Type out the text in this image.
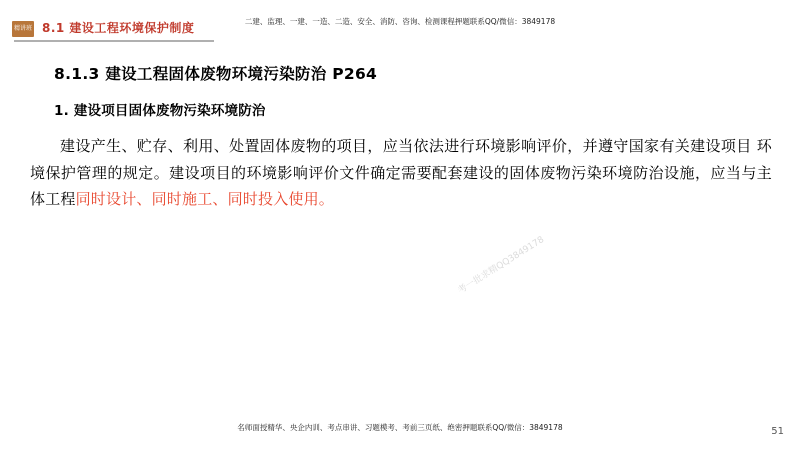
精讲班 8.1 建设工程环境保护制度	二建、监理、一建、一造、二造、安全、消防、咨询、检测课程押题联系QQ/微信：3849178
8.1.3 建设工程固体废物环境污染防治 P264
1. 建设项目固体废物污染环境防治

建设产生、贮存、利用、处置固体废物的项目，应当依法进行环境影响评价，并遵守国家有关建设项目 环境保护管理的规定。建设项目的环境影响评价文件确定需要配套建设的固体废物污染环境防治设施，应当与主体工程同时设计、同时施工、同时投入使用。

考一批求精QQ3849178
名师面授精华、央企内训、考点串讲、习题模考、考前三页纸、绝密押题联系QQ/微信：3849178	51
